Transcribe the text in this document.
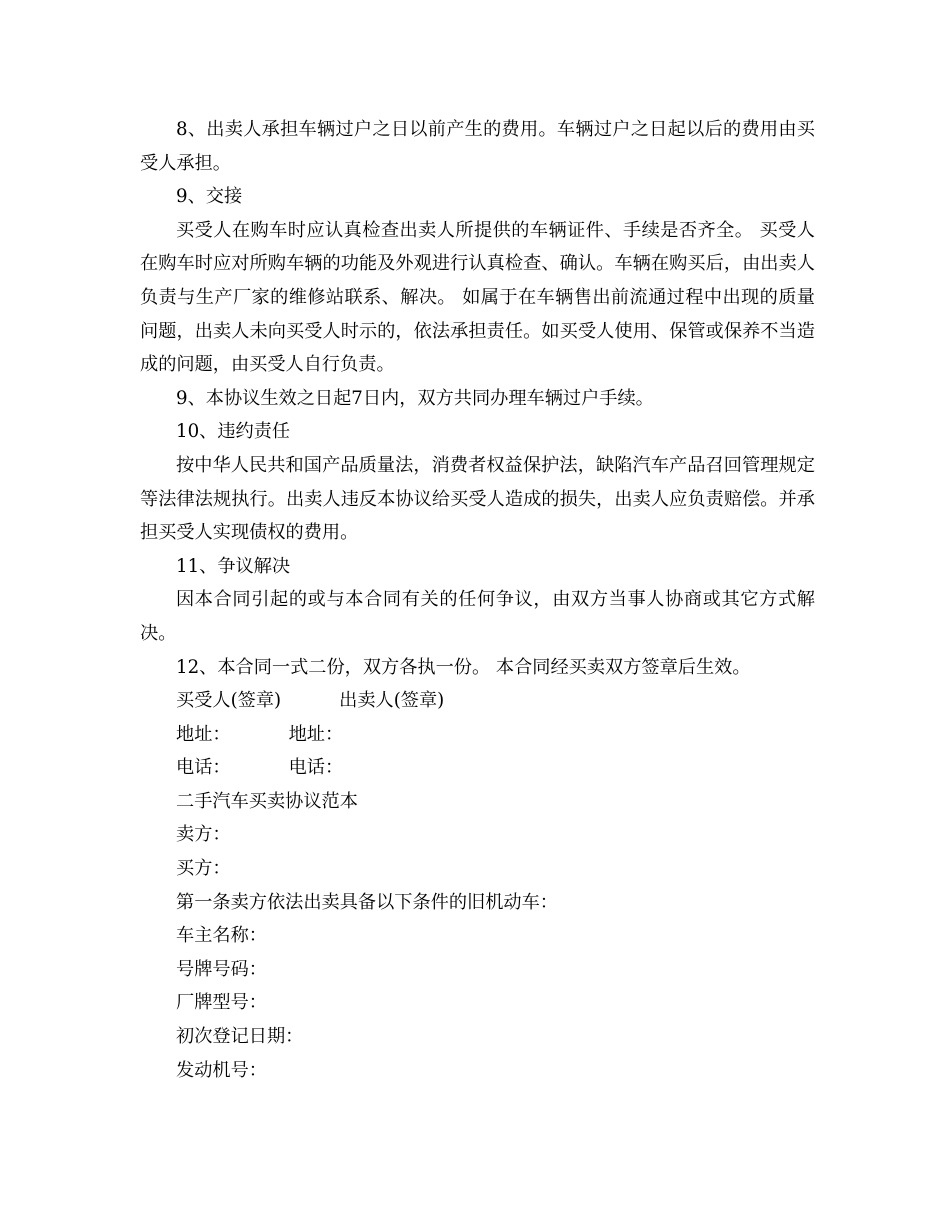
8、出卖人承担车辆过户之日以前产生的费用。车辆过户之日起以后的费用由买受人承担。

9、交接

买受人在购车时应认真检查出卖人所提供的车辆证件、手续是否齐全。 买受人在购车时应对所购车辆的功能及外观进行认真检查、确认。车辆在购买后，由出卖人负责与生产厂家的维修站联系、解决。 如属于在车辆售出前流通过程中出现的质量问题，出卖人未向买受人时示的，依法承担责任。如买受人使用、保管或保养不当造成的问题，由买受人自行负责。

9、本协议生效之日起7日内，双方共同办理车辆过户手续。

10、违约责任

按中华人民共和国产品质量法，消费者权益保护法，缺陷汽车产品召回管理规定等法律法规执行。出卖人违反本协议给买受人造成的损失，出卖人应负责赔偿。并承担买受人实现债权的费用。

11、争议解决

因本合同引起的或与本合同有关的任何争议，由双方当事人协商或其它方式解决。

12、本合同一式二份，双方各执一份。 本合同经买卖双方签章后生效。

买受人(签章)	出卖人(签章)

地址：	地址：

电话：	电话：

二手汽车买卖协议范本

卖方：

买方：

第一条卖方依法出卖具备以下条件的旧机动车：

车主名称：

号牌号码：

厂牌型号：

初次登记日期：

发动机号：
